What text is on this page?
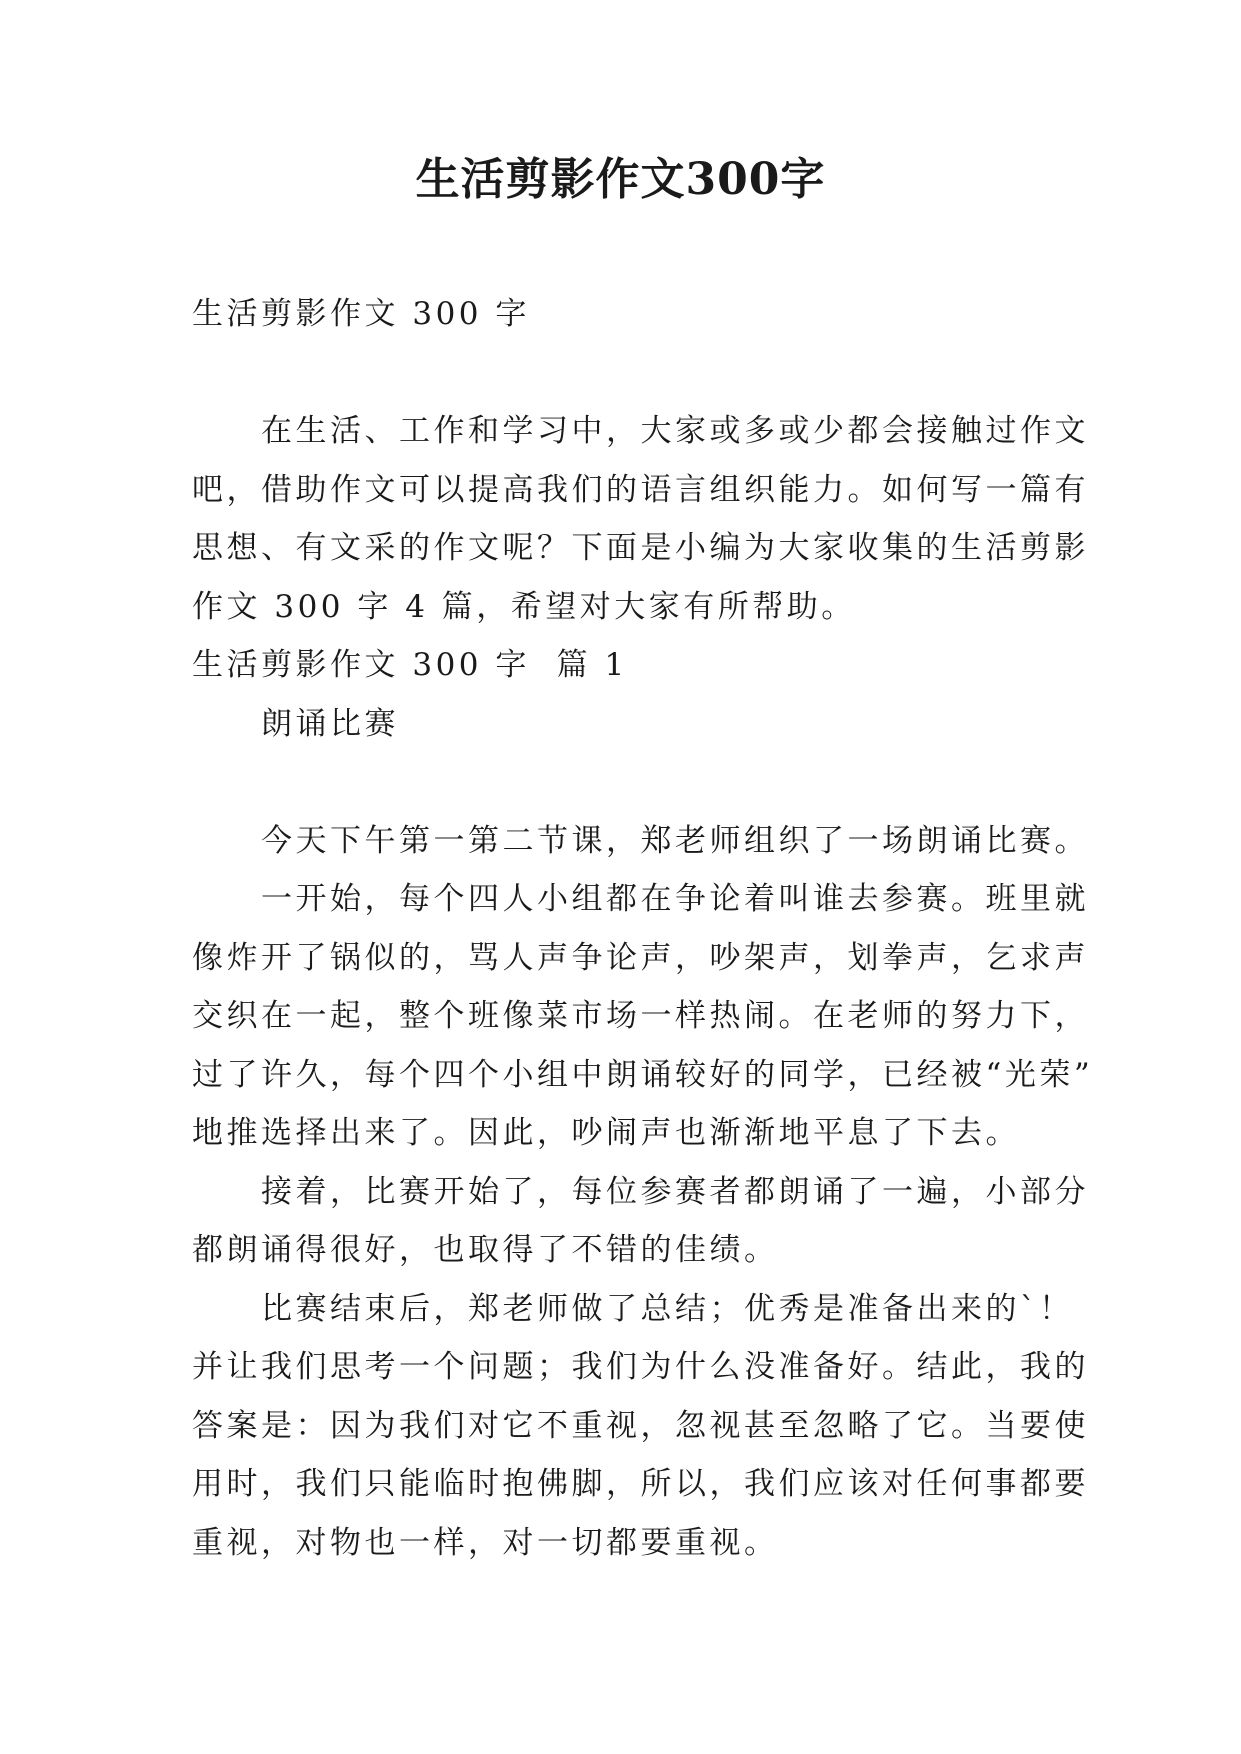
生活剪影作文300字
生活剪影作文 300 字
　　在生活、工作和学习中，大家或多或少都会接触过作文
吧，借助作文可以提高我们的语言组织能力。如何写一篇有
思想、有文采的作文呢？下面是小编为大家收集的生活剪影
作文 300 字 4 篇，希望对大家有所帮助。
生活剪影作文 300 字  篇 1
　　朗诵比赛
　　今天下午第一第二节课，郑老师组织了一场朗诵比赛。
　　一开始，每个四人小组都在争论着叫谁去参赛。班里就
像炸开了锅似的，骂人声争论声，吵架声，划拳声，乞求声
交织在一起，整个班像菜市场一样热闹。在老师的努力下，
过了许久，每个四个小组中朗诵较好的同学，已经被“光荣”
地推选择出来了。因此，吵闹声也渐渐地平息了下去。
　　接着，比赛开始了，每位参赛者都朗诵了一遍，小部分
都朗诵得很好，也取得了不错的佳绩。
　　比赛结束后，郑老师做了总结；优秀是准备出来的`！
并让我们思考一个问题；我们为什么没准备好。结此，我的
答案是：因为我们对它不重视，忽视甚至忽略了它。当要使
用时，我们只能临时抱佛脚，所以，我们应该对任何事都要
重视，对物也一样，对一切都要重视。
